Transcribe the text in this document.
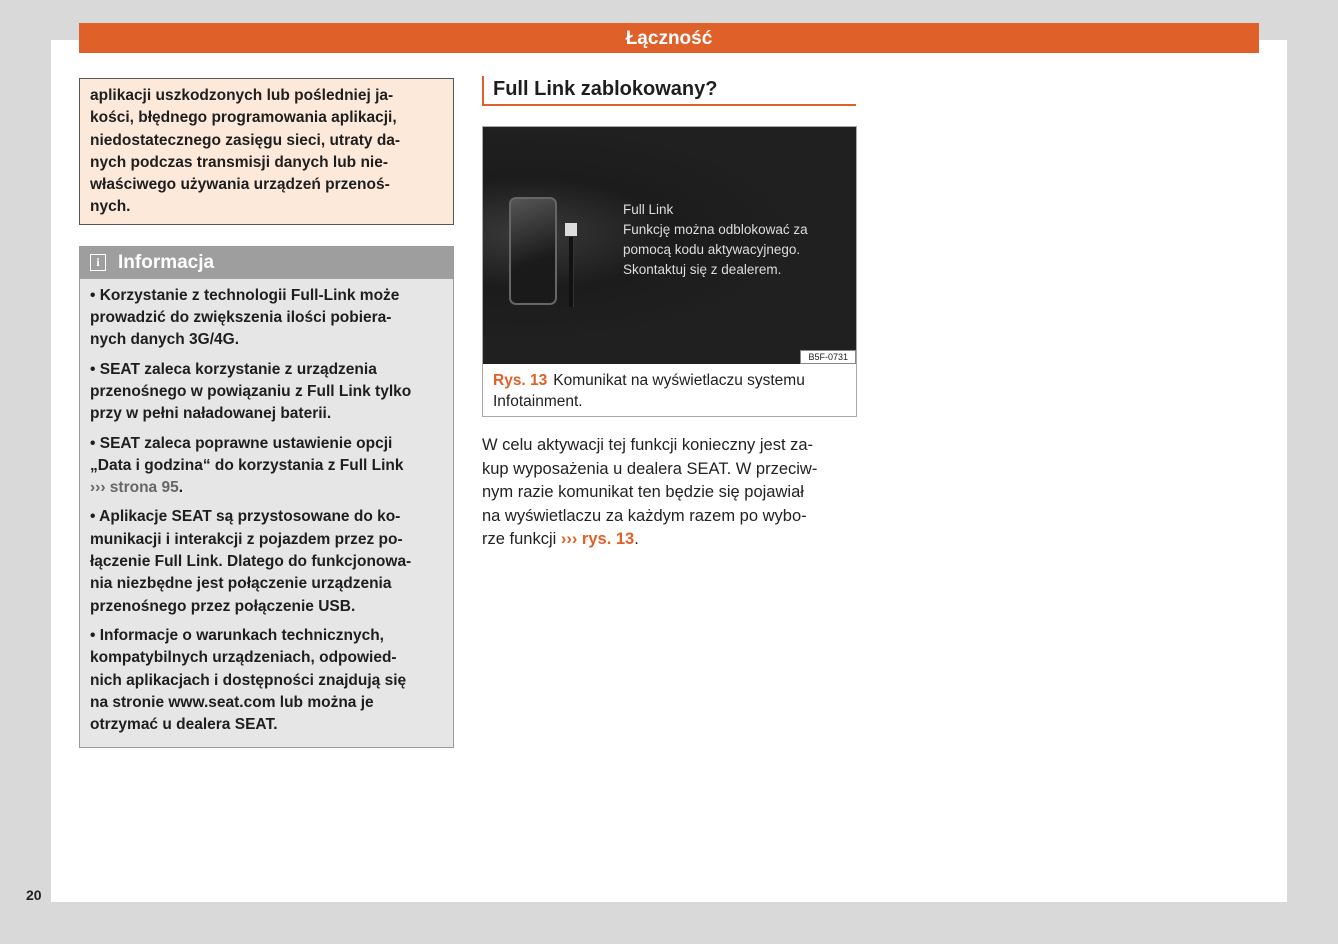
Łączność
20
aplikacji uszkodzonych lub pośledniej ja-
kości, błędnego programowania aplikacji,
niedostatecznego zasięgu sieci, utraty da-
nych podczas transmisji danych lub nie-
właściwego używania urządzeń przenoś-
nych.
i Informacja
• Korzystanie z technologii Full-Link może
prowadzić do zwiększenia ilości pobiera-
nych danych 3G/4G.
• SEAT zaleca korzystanie z urządzenia
przenośnego w powiązaniu z Full Link tylko
przy w pełni naładowanej baterii.
• SEAT zaleca poprawne ustawienie opcji
„Data i godzina“ do korzystania z Full Link
››› strona 95.
• Aplikacje SEAT są przystosowane do ko-
munikacji i interakcji z pojazdem przez po-
łączenie Full Link. Dlatego do funkcjonowa-
nia niezbędne jest połączenie urządzenia
przenośnego przez połączenie USB.
• Informacje o warunkach technicznych,
kompatybilnych urządzeniach, odpowied-
nich aplikacjach i dostępności znajdują się
na stronie www.seat.com lub można je
otrzymać u dealera SEAT.
Full Link zablokowany?
Full Link
Funkcję można odblokować za
pomocą kodu aktywacyjnego.
Skontaktuj się z dealerem.
B5F-0731
Rys. 13 Komunikat na wyświetlaczu systemu Infotainment.
W celu aktywacji tej funkcji konieczny jest za-
kup wyposażenia u dealera SEAT. W przeciw-
nym razie komunikat ten będzie się pojawiał
na wyświetlaczu za każdym razem po wybo-
rze funkcji ››› rys. 13.
